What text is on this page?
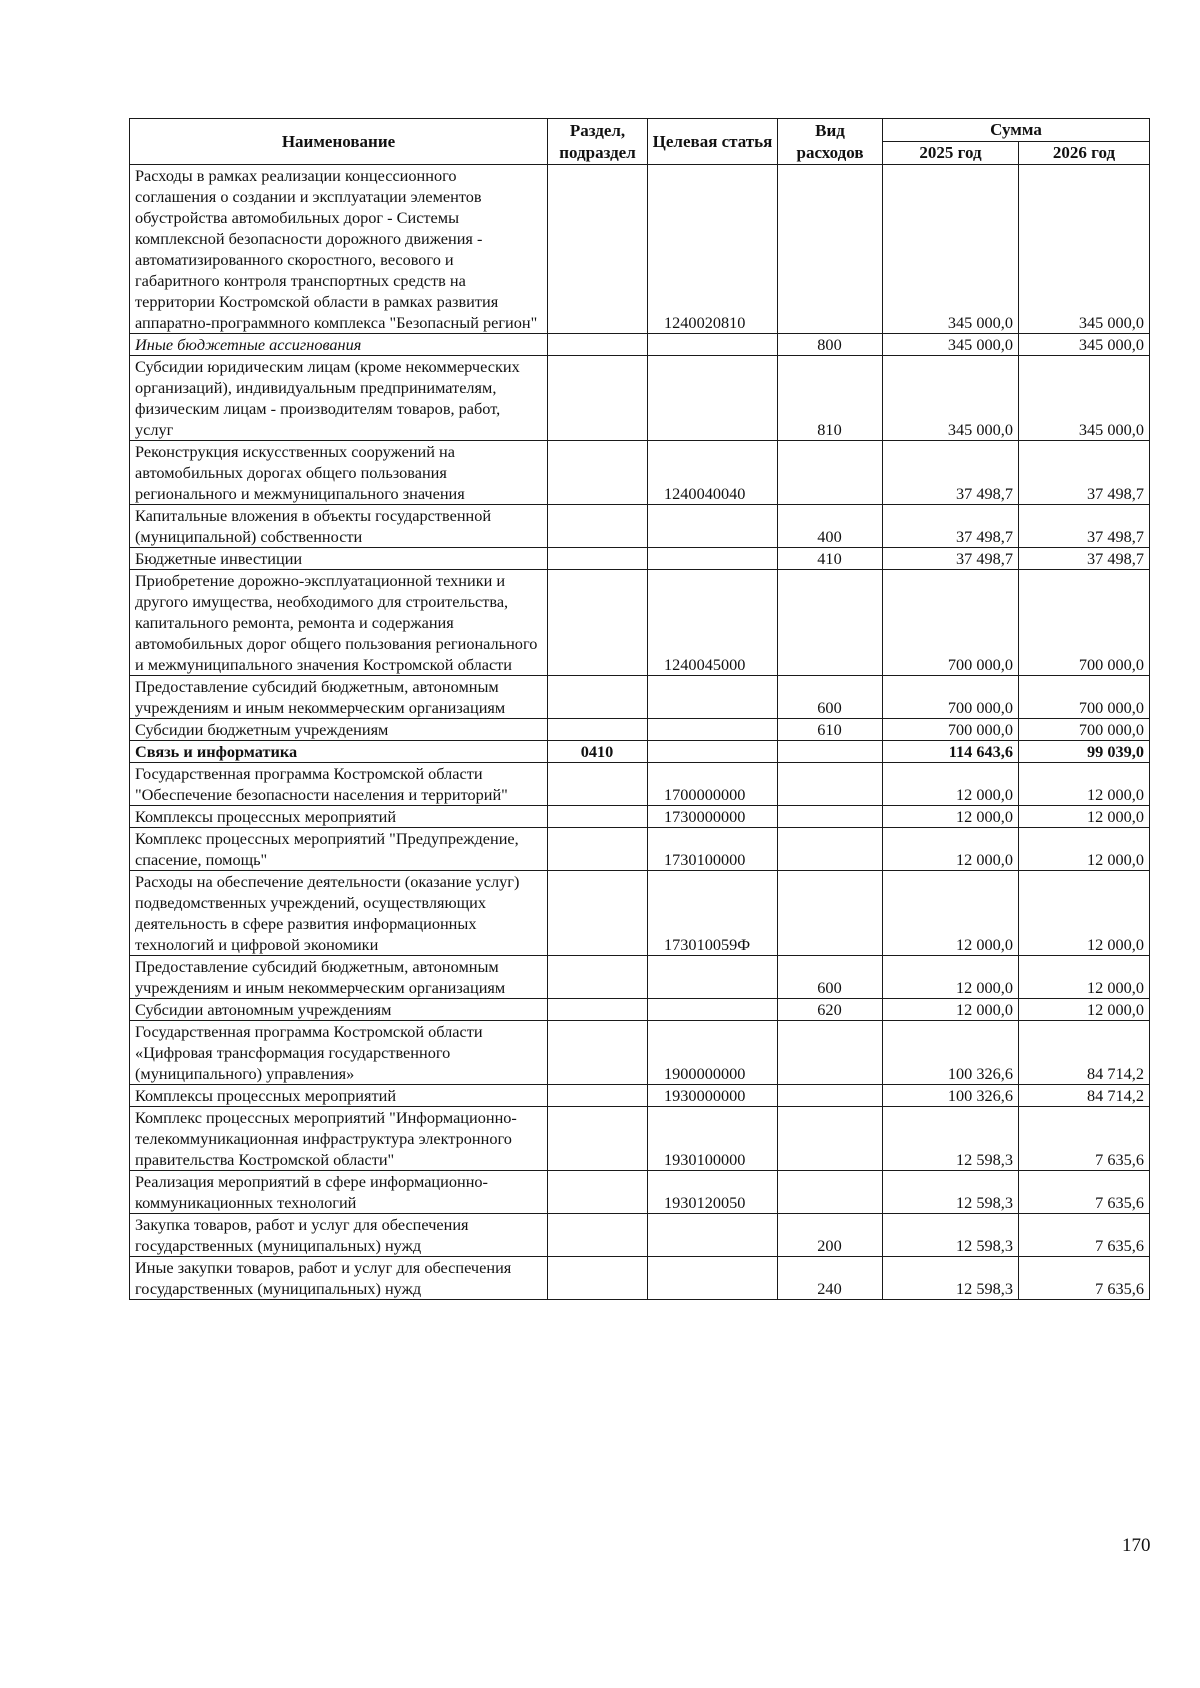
Наименование	Раздел, подраздел	Целевая статья	Вид расходов	Сумма	
				2025 год	2026 год
Расходы в рамках реализации концессионного соглашения о создании и эксплуатации элементов обустройства автомобильных дорог - Системы комплексной безопасности дорожного движения - автоматизированного скоростного, весового и габаритного контроля транспортных средств на территории Костромской области в рамках развития аппаратно-программного комплекса "Безопасный регион"		1240020810		345 000,0	345 000,0
Иные бюджетные ассигнования			800	345 000,0	345 000,0
Субсидии юридическим лицам (кроме некоммерческих организаций), индивидуальным предпринимателям, физическим лицам - производителям товаров, работ, услуг			810	345 000,0	345 000,0
Реконструкция искусственных сооружений на автомобильных дорогах общего пользования регионального и межмуниципального значения		1240040040		37 498,7	37 498,7
Капитальные вложения в объекты государственной (муниципальной) собственности			400	37 498,7	37 498,7
Бюджетные инвестиции			410	37 498,7	37 498,7
Приобретение дорожно-эксплуатационной техники и другого имущества, необходимого для строительства, капитального ремонта, ремонта и содержания автомобильных дорог общего пользования регионального и межмуниципального значения Костромской области		1240045000		700 000,0	700 000,0
Предоставление субсидий бюджетным, автономным учреждениям и иным некоммерческим организациям			600	700 000,0	700 000,0
Субсидии бюджетным учреждениям			610	700 000,0	700 000,0
Связь и информатика	0410			114 643,6	99 039,0
Государственная программа Костромской области "Обеспечение безопасности населения и территорий"		1700000000		12 000,0	12 000,0
Комплексы процессных мероприятий		1730000000		12 000,0	12 000,0
Комплекс процессных мероприятий "Предупреждение, спасение, помощь"		1730100000		12 000,0	12 000,0
Расходы на обеспечение деятельности (оказание услуг) подведомственных учреждений, осуществляющих деятельность в сфере развития информационных технологий и цифровой экономики		173010059Ф		12 000,0	12 000,0
Предоставление субсидий бюджетным, автономным учреждениям и иным некоммерческим организациям			600	12 000,0	12 000,0
Субсидии автономным учреждениям			620	12 000,0	12 000,0
Государственная программа Костромской области «Цифровая трансформация государственного (муниципального) управления»		1900000000		100 326,6	84 714,2
Комплексы процессных мероприятий		1930000000		100 326,6	84 714,2
Комплекс процессных мероприятий "Информационно-телекоммуникационная инфраструктура электронного правительства Костромской области"		1930100000		12 598,3	7 635,6
Реализация мероприятий в сфере информационно-коммуникационных технологий		1930120050		12 598,3	7 635,6
Закупка товаров, работ и услуг для обеспечения государственных (муниципальных) нужд			200	12 598,3	7 635,6
Иные закупки товаров, работ и услуг для обеспечения государственных (муниципальных) нужд			240	12 598,3	7 635,6
170
